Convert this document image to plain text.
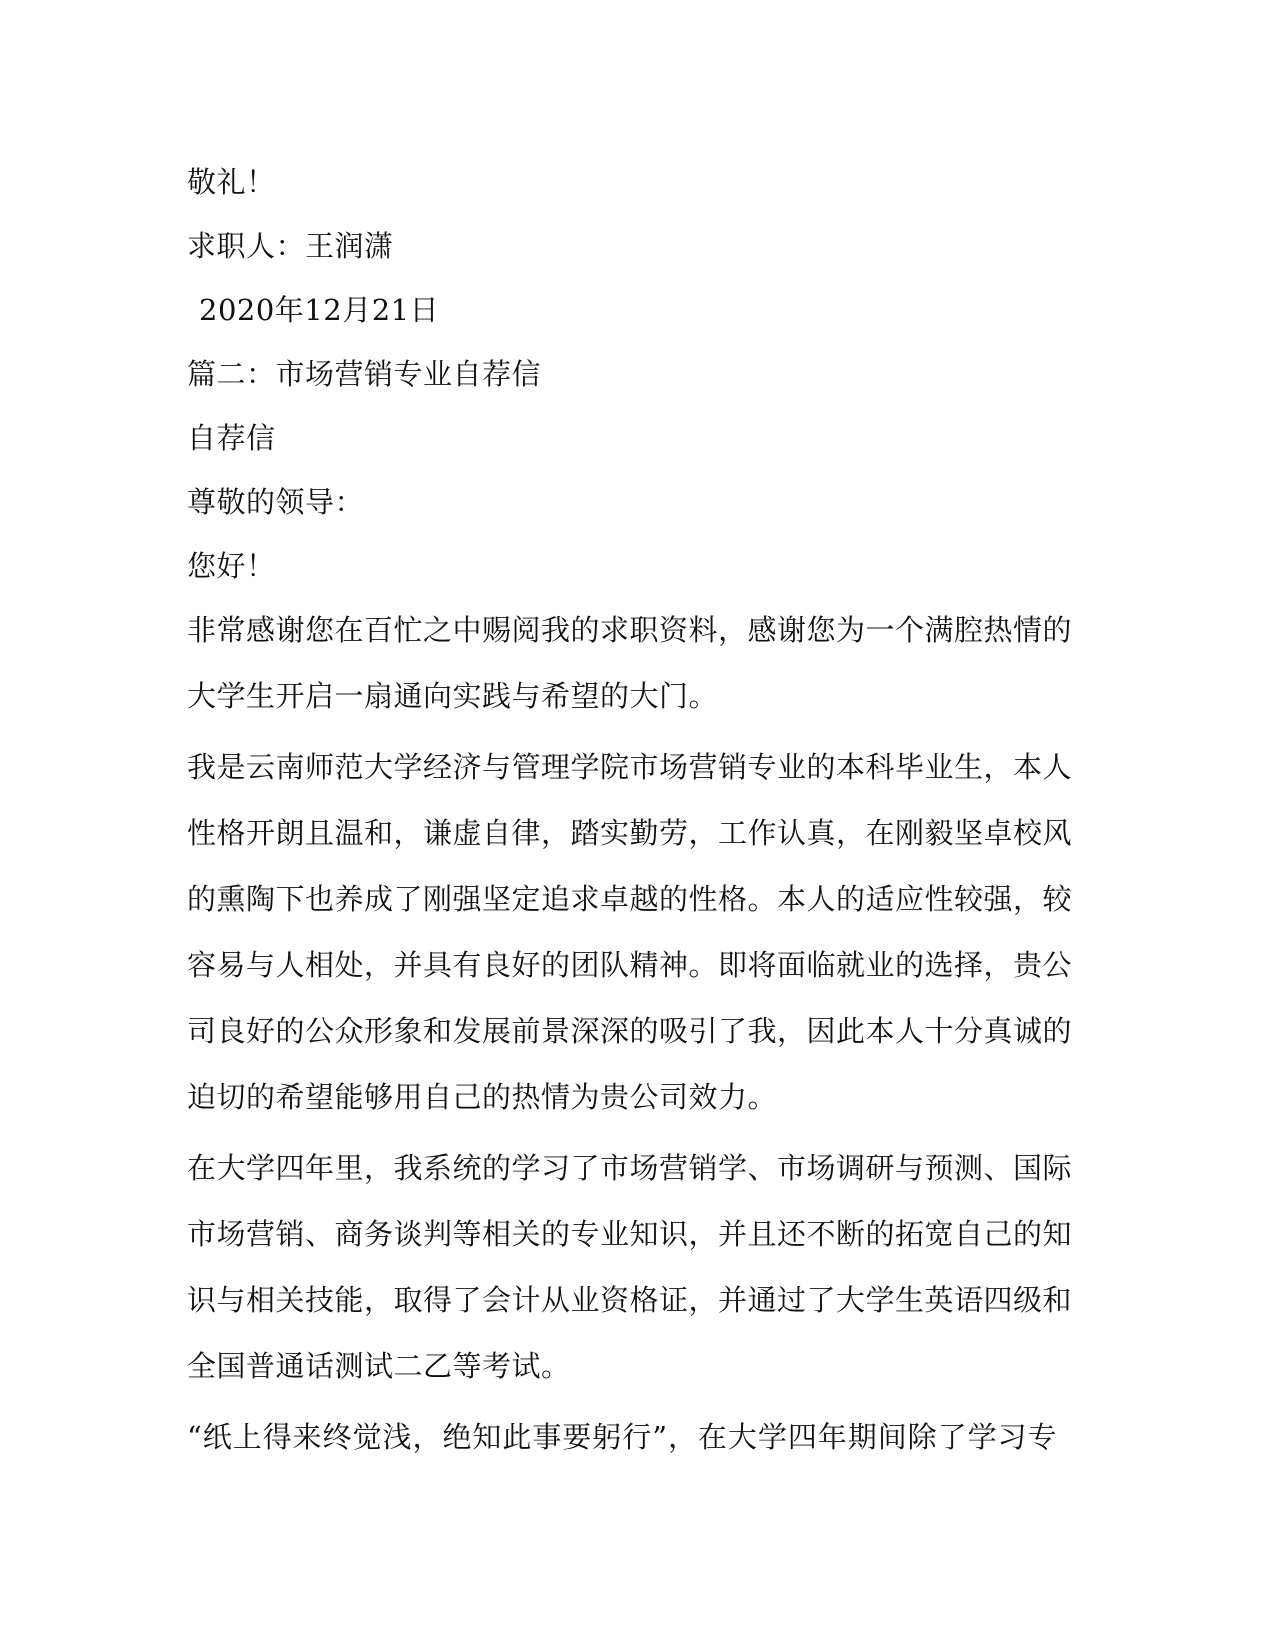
敬礼！

求职人：王润潇

2020年12月21日

篇二：市场营销专业自荐信

自荐信

尊敬的领导：

您好！

非常感谢您在百忙之中赐阅我的求职资料，感谢您为一个满腔热情的

大学生开启一扇通向实践与希望的大门。

我是云南师范大学经济与管理学院市场营销专业的本科毕业生，本人

性格开朗且温和，谦虚自律，踏实勤劳，工作认真，在刚毅坚卓校风

的熏陶下也养成了刚强坚定追求卓越的性格。本人的适应性较强，较

容易与人相处，并具有良好的团队精神。即将面临就业的选择，贵公

司良好的公众形象和发展前景深深的吸引了我，因此本人十分真诚的

迫切的希望能够用自己的热情为贵公司效力。

在大学四年里，我系统的学习了市场营销学、市场调研与预测、国际

市场营销、商务谈判等相关的专业知识，并且还不断的拓宽自己的知

识与相关技能，取得了会计从业资格证，并通过了大学生英语四级和

全国普通话测试二乙等考试。

“纸上得来终觉浅，绝知此事要躬行”，在大学四年期间除了学习专
